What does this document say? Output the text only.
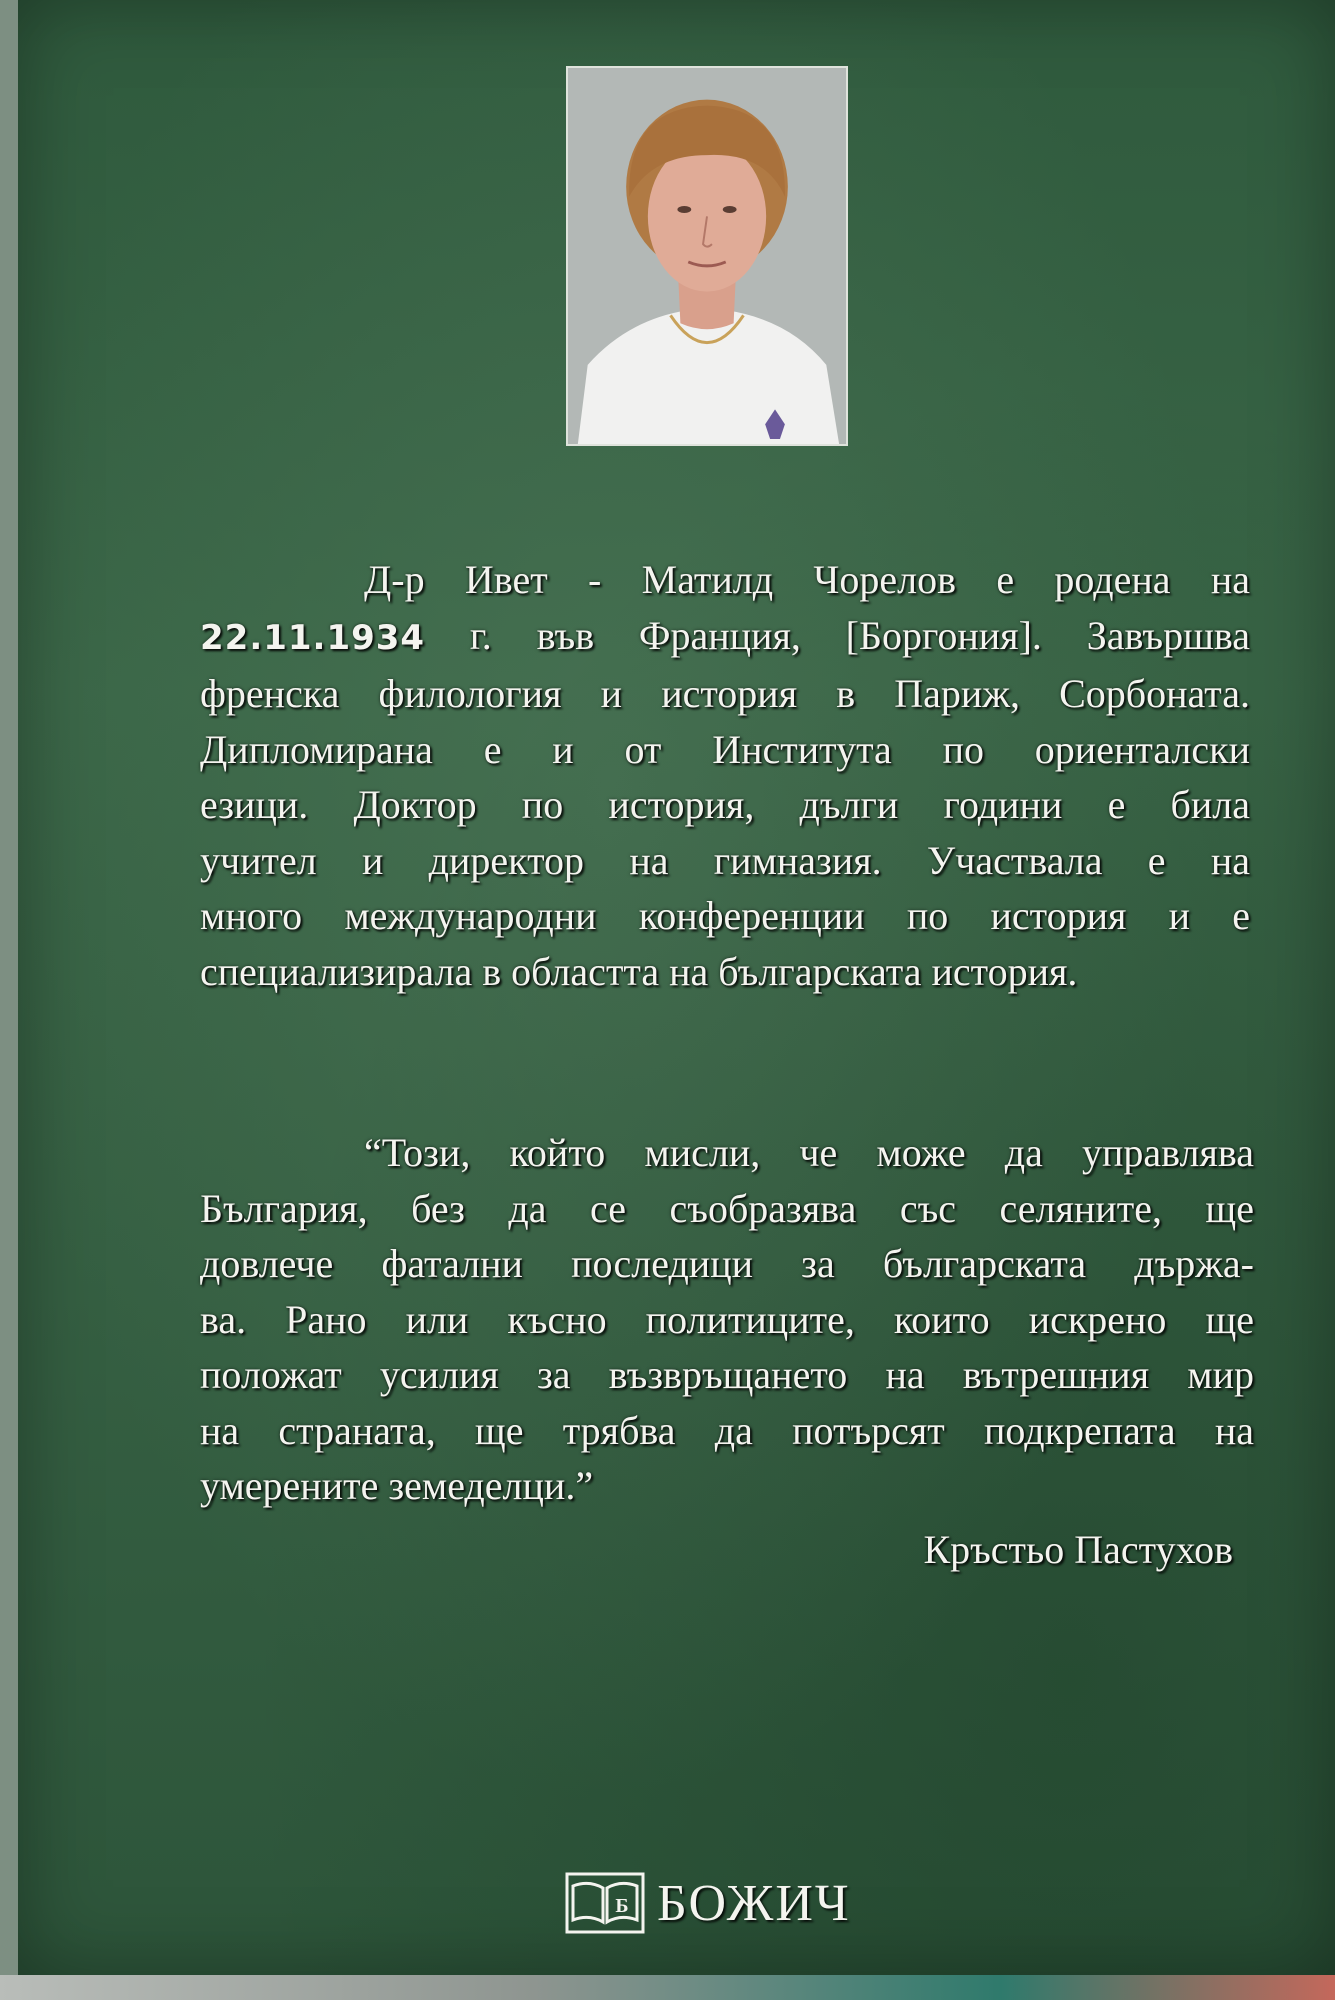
Д-р Ивет - Матилд Чорелов е родена на
22.11.1934 г. във Франция, [Боргония]. Завършва
френска филология и история в Париж, Сорбоната.
Дипломирана е и от Института по ориенталски
езици. Доктор по история, дълги години е била
учител и директор на гимназия. Участвала е на
много международни конференции по история и е
специализирала в областта на българската история.
“Този, който мисли, че може да управлява
България, без да се съобразява със селяните, ще
довлече фатални последици за българската държа-
ва. Рано или късно политиците, които искрено ще
положат усилия за възвръщането на вътрешния мир
на страната, ще трябва да потърсят подкрепата на
умерените земеделци.”
Кръстьо Пастухов
Б БОЖИЧ
